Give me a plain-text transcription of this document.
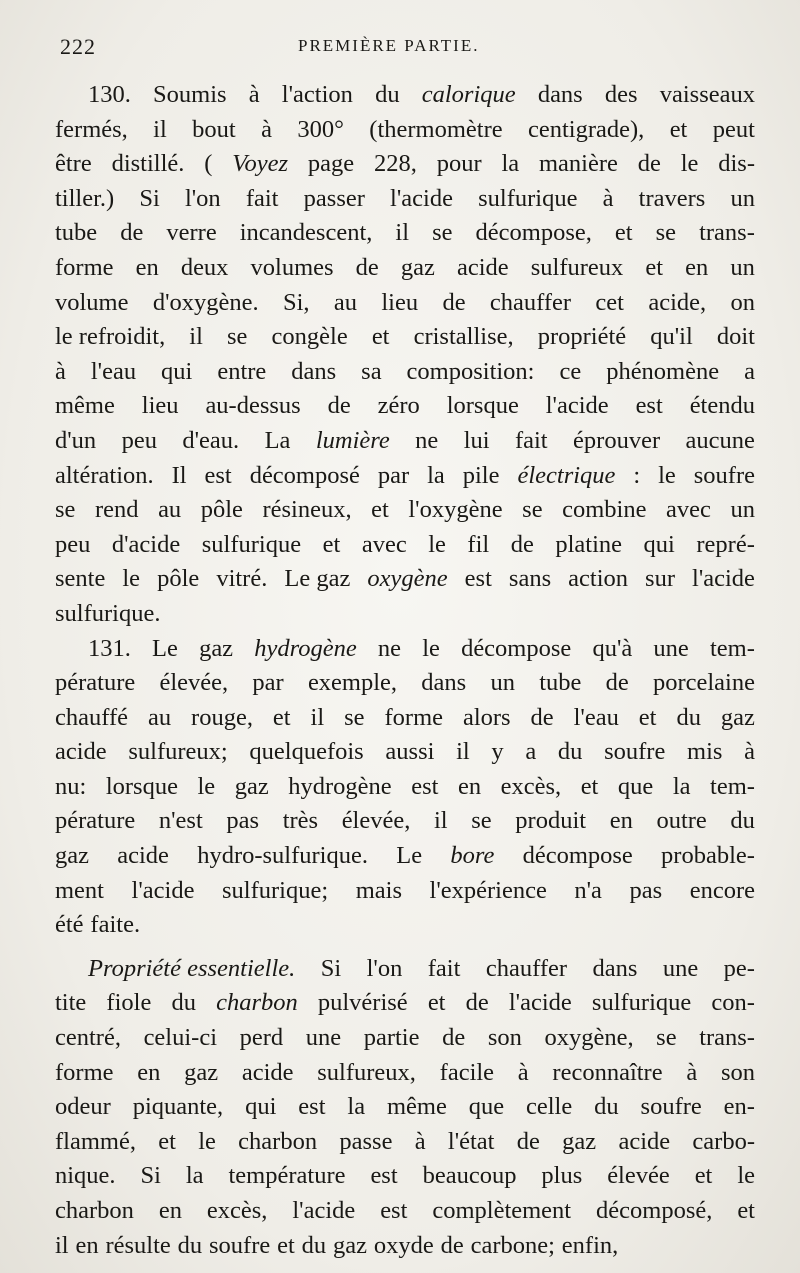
222	PREMIÈRE PARTIE.
130. Soumis à l'action du calorique dans des vaisseaux
fermés, il bout à 300° (thermomètre centigrade), et peut
être distillé. ( Voyez page 228, pour la manière de le dis-
tiller.) Si l'on fait passer l'acide sulfurique à travers un
tube de verre incandescent, il se décompose, et se trans-
forme en deux volumes de gaz acide sulfureux et en un
volume d'oxygène. Si, au lieu de chauffer cet acide, on
le refroidit, il se congèle et cristallise, propriété qu'il doit
à l'eau qui entre dans sa composition: ce phénomène a
même lieu au-dessus de zéro lorsque l'acide est étendu
d'un peu d'eau. La lumière ne lui fait éprouver aucune
altération. Il est décomposé par la pile électrique : le soufre
se rend au pôle résineux, et l'oxygène se combine avec un
peu d'acide sulfurique et avec le fil de platine qui repré-
sente le pôle vitré. Le gaz oxygène est sans action sur l'acide
sulfurique.
131. Le gaz hydrogène ne le décompose qu'à une tem-
pérature élevée, par exemple, dans un tube de porcelaine
chauffé au rouge, et il se forme alors de l'eau et du gaz
acide sulfureux; quelquefois aussi il y a du soufre mis à
nu: lorsque le gaz hydrogène est en excès, et que la tem-
pérature n'est pas très élevée, il se produit en outre du
gaz acide hydro-sulfurique. Le bore décompose probable-
ment l'acide sulfurique; mais l'expérience n'a pas encore
été faite.
Propriété essentielle. Si l'on fait chauffer dans une pe-
tite fiole du charbon pulvérisé et de l'acide sulfurique con-
centré, celui-ci perd une partie de son oxygène, se trans-
forme en gaz acide sulfureux, facile à reconnaître à son
odeur piquante, qui est la même que celle du soufre en-
flammé, et le charbon passe à l'état de gaz acide carbo-
nique. Si la température est beaucoup plus élevée et le
charbon en excès, l'acide est complètement décomposé, et
il en résulte du soufre et du gaz oxyde de carbone; enfin,
